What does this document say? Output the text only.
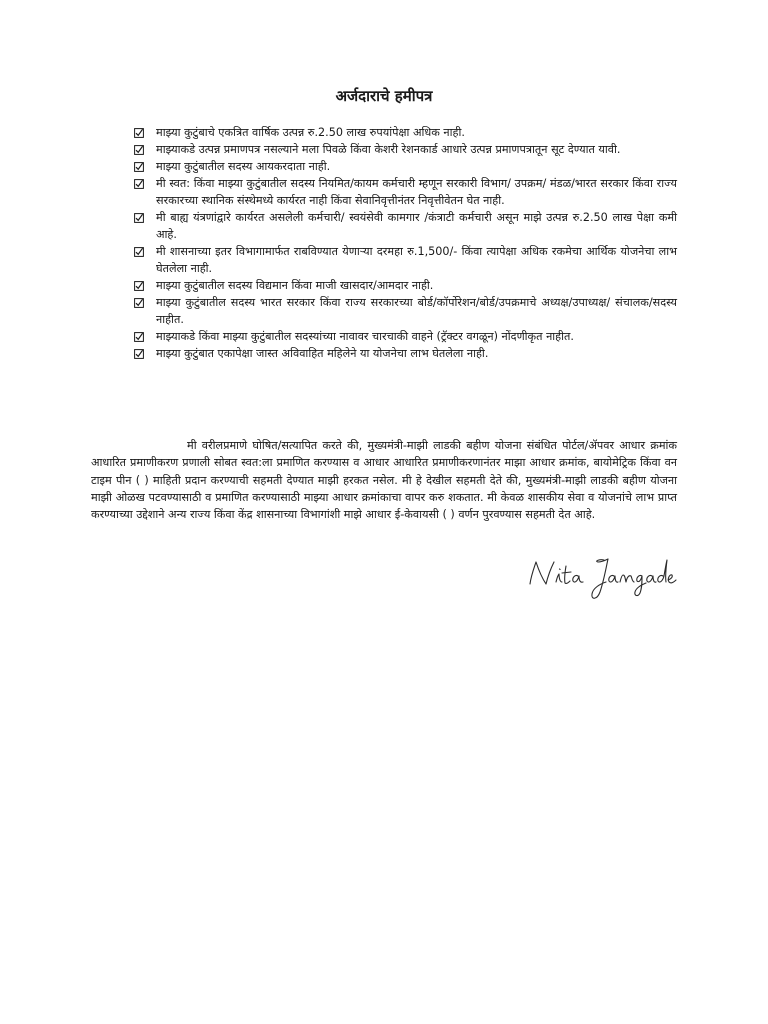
अर्जदाराचे हमीपत्र
माझ्या कुटुंबाचे एकत्रित वार्षिक उत्पन्न रु.2.50 लाख रुपयांपेक्षा अधिक नाही.
माझ्याकडे उत्पन्न प्रमाणपत्र नसल्याने मला पिवळे किंवा केशरी रेशनकार्ड आधारे उत्पन्न प्रमाणपत्रातून सूट देण्यात यावी.
माझ्या कुटुंबातील सदस्य आयकरदाता नाही.
मी स्वत: किंवा माझ्या कुटुंबातील सदस्य नियमित/कायम कर्मचारी म्हणून सरकारी विभाग/ उपक्रम/ मंडळ/भारत सरकार किंवा राज्य सरकारच्या स्थानिक संस्थेमध्ये कार्यरत नाही किंवा सेवानिवृत्तीनंतर निवृत्तीवेतन घेत नाही.
मी बाह्य यंत्रणांद्वारे कार्यरत असलेली कर्मचारी/ स्वयंसेवी कामगार /कंत्राटी कर्मचारी असून माझे उत्पन्न रु.2.50 लाख पेक्षा कमी आहे.
मी शासनाच्या इतर विभागामार्फत राबविण्यात येणाऱ्या दरमहा रु.1,500/- किंवा त्यापेक्षा अधिक रकमेचा आर्थिक योजनेचा लाभ घेतलेला नाही.
माझ्या कुटुंबातील सदस्य विद्यमान किंवा माजी खासदार/आमदार नाही.
माझ्या कुटुंबातील सदस्य भारत सरकार किंवा राज्य सरकारच्या बोर्ड/कॉर्पोरेशन/बोर्ड/उपक्रमाचे अध्यक्ष/उपाध्यक्ष/ संचालक/सदस्य नाहीत.
माझ्याकडे किंवा माझ्या कुटुंबातील सदस्यांच्या नावावर चारचाकी वाहने (ट्रॅक्टर वगळून) नोंदणीकृत नाहीत.
माझ्या कुटुंबात एकापेक्षा जास्त अविवाहित महिलेने या योजनेचा लाभ घेतलेला नाही.

मी वरीलप्रमाणे घोषित/सत्यापित करते की, मुख्यमंत्री-माझी लाडकी बहीण योजना संबंधित पोर्टल/ॲपवर आधार क्रमांक आधारित प्रमाणीकरण प्रणाली सोबत स्वत:ला प्रमाणित करण्यास व आधार आधारित प्रमाणीकरणानंतर माझा आधार क्रमांक, बायोमेट्रिक किंवा वन टाइम पीन ( ) माहिती प्रदान करण्याची सहमती देण्यात माझी हरकत नसेल. मी हे देखील सहमती देते की, मुख्यमंत्री-माझी लाडकी बहीण योजना माझी ओळख पटवण्यासाठी व प्रमाणित करण्यासाठी माझ्या आधार क्रमांकाचा वापर करु शकतात. मी केवळ शासकीय सेवा व योजनांचे लाभ प्राप्त करण्याच्या उद्देशाने अन्य राज्य किंवा केंद्र शासनाच्या विभागांशी माझे आधार ई-केवायसी ( ) वर्णन पुरवण्यास सहमती देत आहे.
